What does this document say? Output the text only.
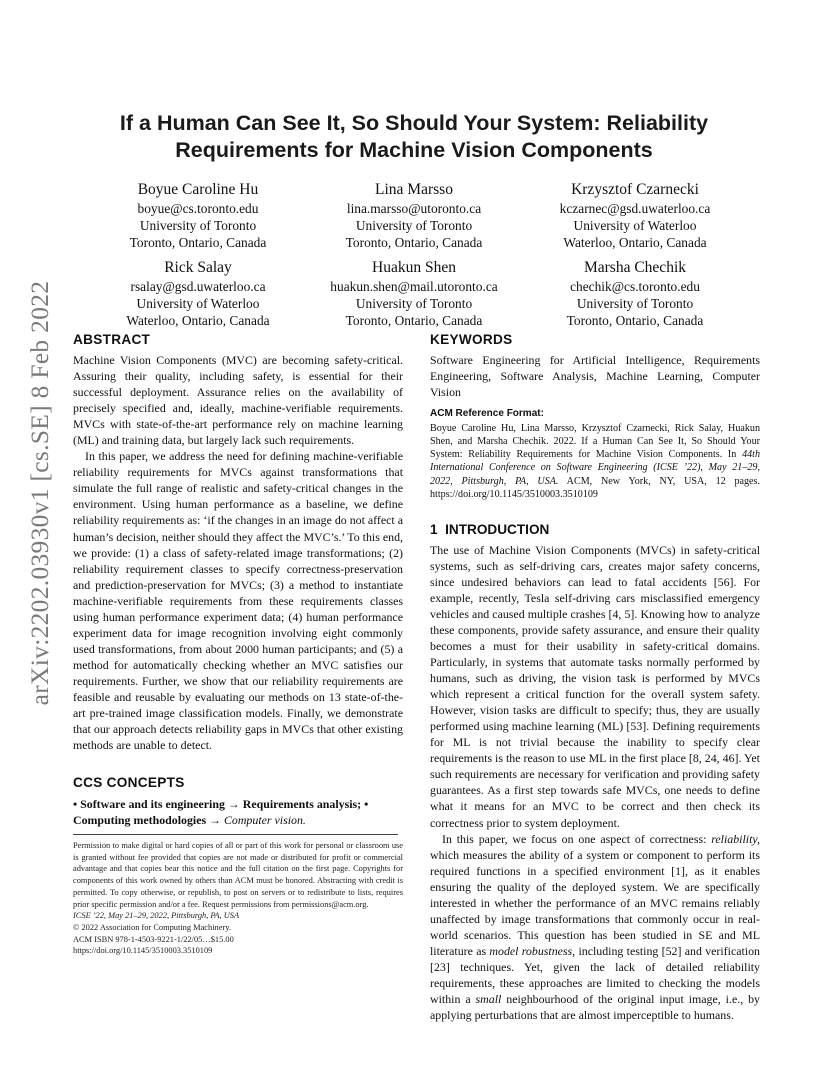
arXiv:2202.03930v1 [cs.SE] 8 Feb 2022
If a Human Can See It, So Should Your System: Reliability Requirements for Machine Vision Components
Boyue Caroline Hu
boyue@cs.toronto.edu
University of Toronto
Toronto, Ontario, Canada
Lina Marsso
lina.marsso@utoronto.ca
University of Toronto
Toronto, Ontario, Canada
Krzysztof Czarnecki
kczarnec@gsd.uwaterloo.ca
University of Waterloo
Waterloo, Ontario, Canada
Rick Salay
rsalay@gsd.uwaterloo.ca
University of Waterloo
Waterloo, Ontario, Canada
Huakun Shen
huakun.shen@mail.utoronto.ca
University of Toronto
Toronto, Ontario, Canada
Marsha Chechik
chechik@cs.toronto.edu
University of Toronto
Toronto, Ontario, Canada
ABSTRACT

Machine Vision Components (MVC) are becoming safety-critical. Assuring their quality, including safety, is essential for their successful deployment. Assurance relies on the availability of precisely specified and, ideally, machine-verifiable requirements. MVCs with state-of-the-art performance rely on machine learning (ML) and training data, but largely lack such requirements.

In this paper, we address the need for defining machine-verifiable reliability requirements for MVCs against transformations that simulate the full range of realistic and safety-critical changes in the environment. Using human performance as a baseline, we define reliability requirements as: ‘if the changes in an image do not affect a human’s decision, neither should they affect the MVC’s.’ To this end, we provide: (1) a class of safety-related image transformations; (2) reliability requirement classes to specify correctness-preservation and prediction-preservation for MVCs; (3) a method to instantiate machine-verifiable requirements from these requirements classes using human performance experiment data; (4) human performance experiment data for image recognition involving eight commonly used transformations, from about 2000 human participants; and (5) a method for automatically checking whether an MVC satisfies our requirements. Further, we show that our reliability requirements are feasible and reusable by evaluating our methods on 13 state-of-the-art pre-trained image classification models. Finally, we demonstrate that our approach detects reliability gaps in MVCs that other existing methods are unable to detect.

CCS CONCEPTS

• Software and its engineering → Requirements analysis; •
Computing methodologies → Computer vision.

Permission to make digital or hard copies of all or part of this work for personal or classroom use is granted without fee provided that copies are not made or distributed for profit or commercial advantage and that copies bear this notice and the full citation on the first page. Copyrights for components of this work owned by others than ACM must be honored. Abstracting with credit is permitted. To copy otherwise, or republish, to post on servers or to redistribute to lists, requires prior specific permission and/or a fee. Request permissions from permissions@acm.org.

ICSE ’22, May 21–29, 2022, Pittsburgh, PA, USA
© 2022 Association for Computing Machinery.
ACM ISBN 978-1-4503-9221-1/22/05…$15.00
https://doi.org/10.1145/3510003.3510109
KEYWORDS

Software Engineering for Artificial Intelligence, Requirements Engineering, Software Analysis, Machine Learning, Computer Vision

ACM Reference Format:

Boyue Caroline Hu, Lina Marsso, Krzysztof Czarnecki, Rick Salay, Huakun Shen, and Marsha Chechik. 2022. If a Human Can See It, So Should Your System: Reliability Requirements for Machine Vision Components. In 44th International Conference on Software Engineering (ICSE ’22), May 21–29, 2022, Pittsburgh, PA, USA. ACM, New York, NY, USA, 12 pages. https://doi.org/10.1145/3510003.3510109

1 INTRODUCTION

The use of Machine Vision Components (MVCs) in safety-critical systems, such as self-driving cars, creates major safety concerns, since undesired behaviors can lead to fatal accidents [56]. For example, recently, Tesla self-driving cars misclassified emergency vehicles and caused multiple crashes [4, 5]. Knowing how to analyze these components, provide safety assurance, and ensure their quality becomes a must for their usability in safety-critical domains. Particularly, in systems that automate tasks normally performed by humans, such as driving, the vision task is performed by MVCs which represent a critical function for the overall system safety. However, vision tasks are difficult to specify; thus, they are usually performed using machine learning (ML) [53]. Defining requirements for ML is not trivial because the inability to specify clear requirements is the reason to use ML in the first place [8, 24, 46]. Yet such requirements are necessary for verification and providing safety guarantees. As a first step towards safe MVCs, one needs to define what it means for an MVC to be correct and then check its correctness prior to system deployment.

In this paper, we focus on one aspect of correctness: reliability, which measures the ability of a system or component to perform its required functions in a specified environment [1], as it enables ensuring the quality of the deployed system. We are specifically interested in whether the performance of an MVC remains reliably unaffected by image transformations that commonly occur in real-world scenarios. This question has been studied in SE and ML literature as model robustness, including testing [52] and verification [23] techniques. Yet, given the lack of detailed reliability requirements, these approaches are limited to checking the models within a small neighbourhood of the original input image, i.e., by applying perturbations that are almost imperceptible to humans.
